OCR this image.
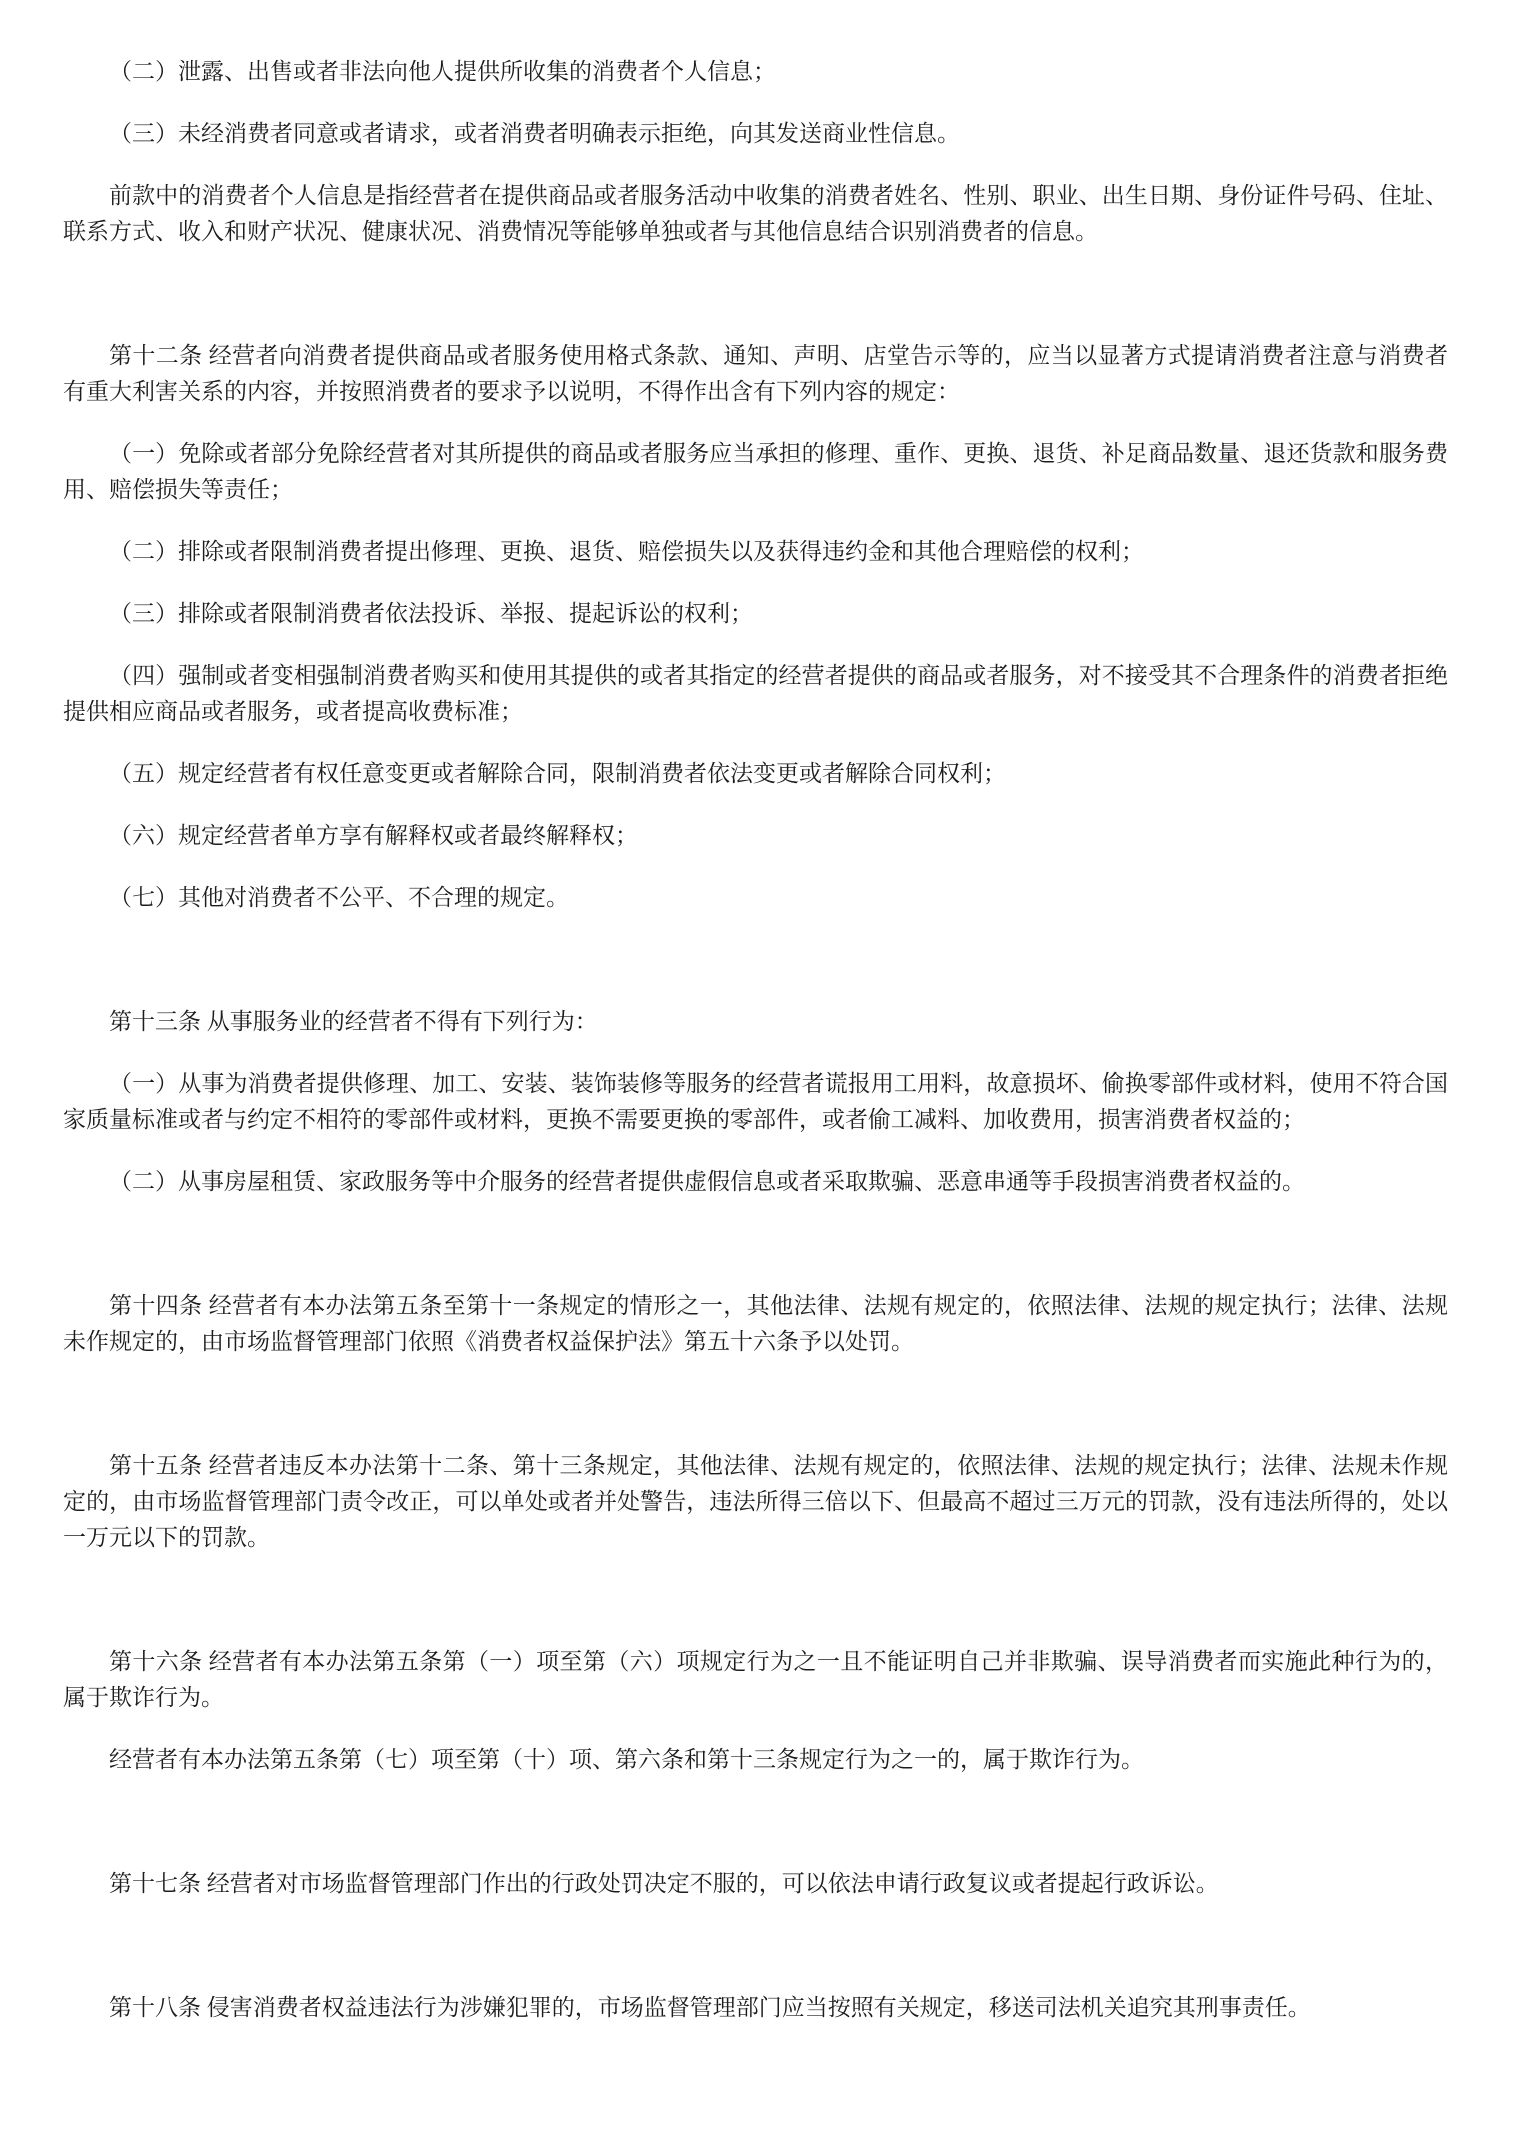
（二）泄露、出售或者非法向他人提供所收集的消费者个人信息；

（三）未经消费者同意或者请求，或者消费者明确表示拒绝，向其发送商业性信息。

前款中的消费者个人信息是指经营者在提供商品或者服务活动中收集的消费者姓名、性别、职业、出生日期、身份证件号码、住址、联系方式、收入和财产状况、健康状况、消费情况等能够单独或者与其他信息结合识别消费者的信息。

第十二条 经营者向消费者提供商品或者服务使用格式条款、通知、声明、店堂告示等的，应当以显著方式提请消费者注意与消费者有重大利害关系的内容，并按照消费者的要求予以说明，不得作出含有下列内容的规定：

（一）免除或者部分免除经营者对其所提供的商品或者服务应当承担的修理、重作、更换、退货、补足商品数量、退还货款和服务费用、赔偿损失等责任；

（二）排除或者限制消费者提出修理、更换、退货、赔偿损失以及获得违约金和其他合理赔偿的权利；

（三）排除或者限制消费者依法投诉、举报、提起诉讼的权利；

（四）强制或者变相强制消费者购买和使用其提供的或者其指定的经营者提供的商品或者服务，对不接受其不合理条件的消费者拒绝提供相应商品或者服务，或者提高收费标准；

（五）规定经营者有权任意变更或者解除合同，限制消费者依法变更或者解除合同权利；

（六）规定经营者单方享有解释权或者最终解释权；

（七）其他对消费者不公平、不合理的规定。

第十三条 从事服务业的经营者不得有下列行为：

（一）从事为消费者提供修理、加工、安装、装饰装修等服务的经营者谎报用工用料，故意损坏、偷换零部件或材料，使用不符合国家质量标准或者与约定不相符的零部件或材料，更换不需要更换的零部件，或者偷工减料、加收费用，损害消费者权益的；

（二）从事房屋租赁、家政服务等中介服务的经营者提供虚假信息或者采取欺骗、恶意串通等手段损害消费者权益的。

第十四条 经营者有本办法第五条至第十一条规定的情形之一，其他法律、法规有规定的，依照法律、法规的规定执行；法律、法规未作规定的，由市场监督管理部门依照《消费者权益保护法》第五十六条予以处罚。

第十五条 经营者违反本办法第十二条、第十三条规定，其他法律、法规有规定的，依照法律、法规的规定执行；法律、法规未作规定的，由市场监督管理部门责令改正，可以单处或者并处警告，违法所得三倍以下、但最高不超过三万元的罚款，没有违法所得的，处以一万元以下的罚款。

第十六条 经营者有本办法第五条第（一）项至第（六）项规定行为之一且不能证明自己并非欺骗、误导消费者而实施此种行为的，属于欺诈行为。

经营者有本办法第五条第（七）项至第（十）项、第六条和第十三条规定行为之一的，属于欺诈行为。

第十七条 经营者对市场监督管理部门作出的行政处罚决定不服的，可以依法申请行政复议或者提起行政诉讼。

第十八条 侵害消费者权益违法行为涉嫌犯罪的，市场监督管理部门应当按照有关规定，移送司法机关追究其刑事责任。
